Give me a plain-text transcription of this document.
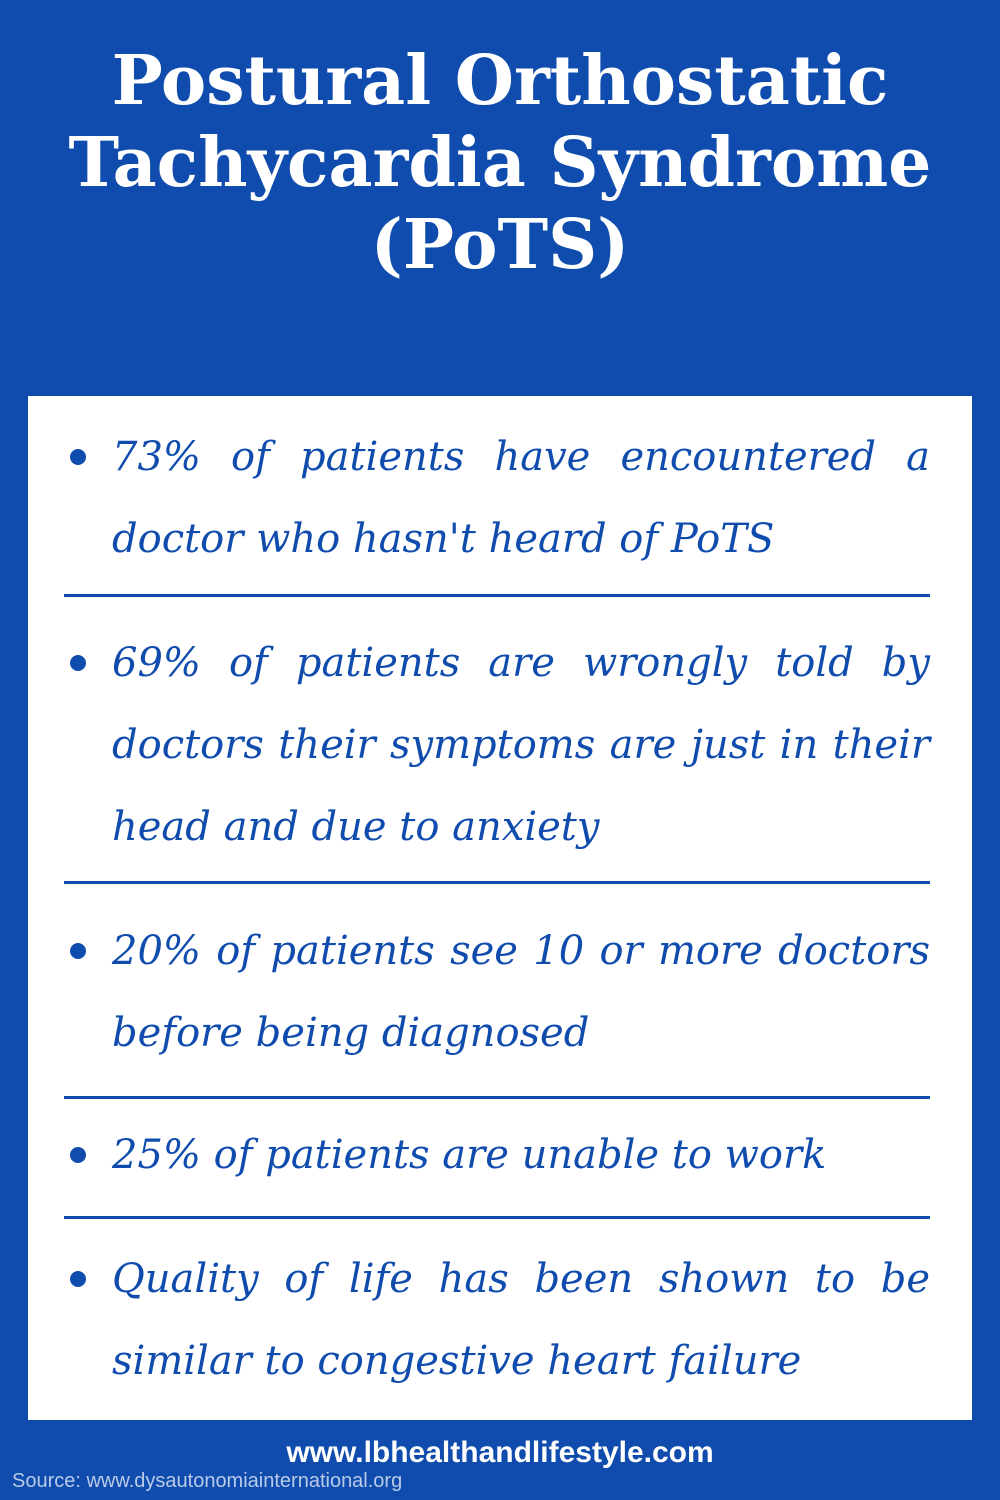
Postural Orthostatic
Tachycardia Syndrome
(PoTS)

73% of patients have encountered a doctor who hasn't heard of PoTS

69% of patients are wrongly told by doctors their symptoms are just in their head and due to anxiety

20% of patients see 10 or more doctors before being diagnosed

25% of patients are unable to work

Quality of life has been shown to be similar to congestive heart failure

www.lbhealthandlifestyle.com
Source: www.dysautonomiainternational.org
